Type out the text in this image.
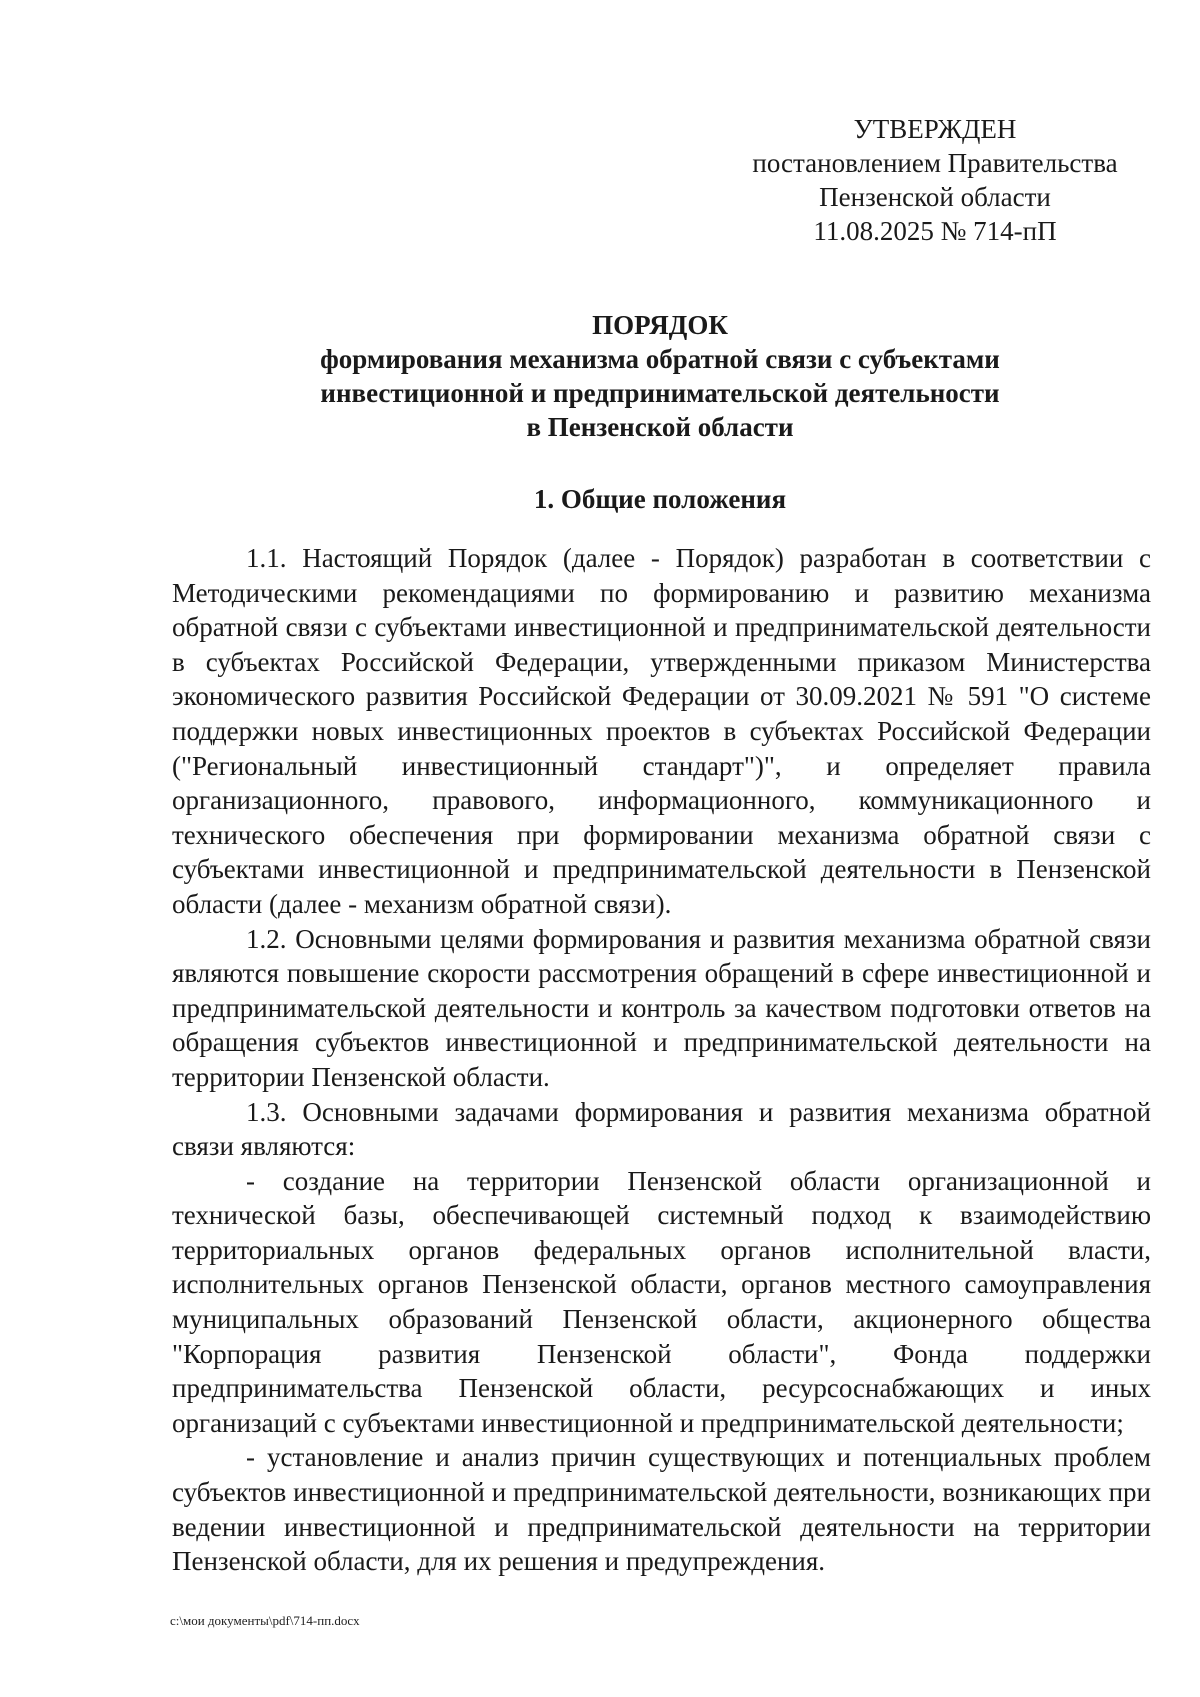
УТВЕРЖДЕН
постановлением Правительства
Пензенской области
11.08.2025 № 714-пП
ПОРЯДОК
формирования механизма обратной связи с субъектами
инвестиционной и предпринимательской деятельности
в Пензенской области
1. Общие положения

1.1. Настоящий Порядок (далее - Порядок) разработан в соответствии с Методическими рекомендациями по формированию и развитию механизма обратной связи с субъектами инвестиционной и предпринимательской деятельности в субъектах Российской Федерации, утвержденными приказом Министерства экономического развития Российской Федерации от 30.09.2021 № 591 "О системе поддержки новых инвестиционных проектов в субъектах Российской Федерации ("Региональный инвестиционный стандарт")", и определяет правила организационного, правового, информационного, коммуникационного и технического обеспечения при формировании механизма обратной связи с субъектами инвестиционной и предпринимательской деятельности в Пензенской области (далее - механизм обратной связи).

1.2. Основными целями формирования и развития механизма обратной связи являются повышение скорости рассмотрения обращений в сфере инвестиционной и предпринимательской деятельности и контроль за качеством подготовки ответов на обращения субъектов инвестиционной и предпринимательской деятельности на территории Пензенской области.

1.3. Основными задачами формирования и развития механизма обратной связи являются:

- создание на территории Пензенской области организационной и технической базы, обеспечивающей системный подход к взаимодействию территориальных органов федеральных органов исполнительной власти, исполнительных органов Пензенской области, органов местного самоуправления муниципальных образований Пензенской области, акционерного общества "Корпорация развития Пензенской области", Фонда поддержки предпринимательства Пензенской области, ресурсоснабжающих и иных организаций с субъектами инвестиционной и предпринимательской деятельности;

- установление и анализ причин существующих и потенциальных проблем субъектов инвестиционной и предпринимательской деятельности, возникающих при ведении инвестиционной и предпринимательской деятельности на территории Пензенской области, для их решения и предупреждения.

c:\мои документы\pdf\714-пп.docx
